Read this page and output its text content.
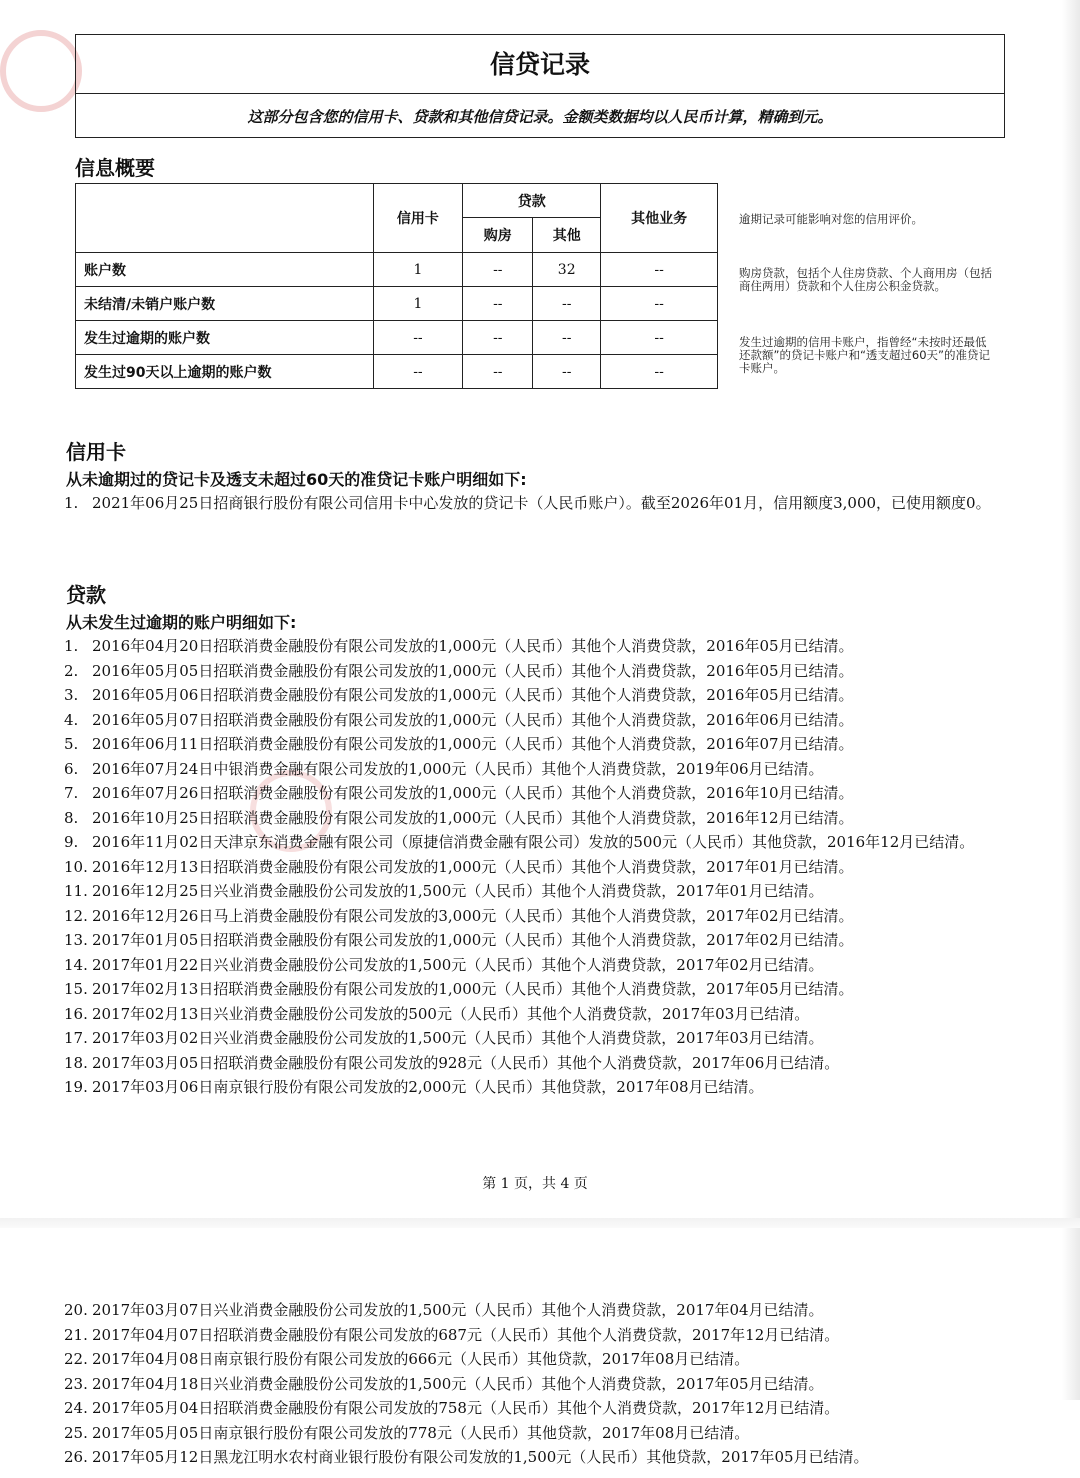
信贷记录
这部分包含您的信用卡、贷款和其他信贷记录。金额类数据均以人民币计算，精确到元。
信息概要
	信用卡	贷款		其他业务
		购房	其他	
账户数	1	--	32	--
未结清/未销户账户数	1	--	--	--
发生过逾期的账户数	--	--	--	--
发生过90天以上逾期的账户数	--	--	--	--
逾期记录可能影响对您的信用评价。
购房贷款，包括个人住房贷款、个人商用房（包括商住两用）贷款和个人住房公积金贷款。
发生过逾期的信用卡账户，指曾经“未按时还最低还款额”的贷记卡账户和“透支超过60天”的准贷记卡账户。
信用卡
从未逾期过的贷记卡及透支未超过60天的准贷记卡账户明细如下:
1. 2021年06月25日招商银行股份有限公司信用卡中心发放的贷记卡（人民币账户）。截至2026年01月，信用额度3,000，已使用额度0。
贷款
从未发生过逾期的账户明细如下:
1. 2016年04月20日招联消费金融股份有限公司发放的1,000元（人民币）其他个人消费贷款，2016年05月已结清。
2. 2016年05月05日招联消费金融股份有限公司发放的1,000元（人民币）其他个人消费贷款，2016年05月已结清。
3. 2016年05月06日招联消费金融股份有限公司发放的1,000元（人民币）其他个人消费贷款，2016年05月已结清。
4. 2016年05月07日招联消费金融股份有限公司发放的1,000元（人民币）其他个人消费贷款，2016年06月已结清。
5. 2016年06月11日招联消费金融股份有限公司发放的1,000元（人民币）其他个人消费贷款，2016年07月已结清。
6. 2016年07月24日中银消费金融有限公司发放的1,000元（人民币）其他个人消费贷款，2019年06月已结清。
7. 2016年07月26日招联消费金融股份有限公司发放的1,000元（人民币）其他个人消费贷款，2016年10月已结清。
8. 2016年10月25日招联消费金融股份有限公司发放的1,000元（人民币）其他个人消费贷款，2016年12月已结清。
9. 2016年11月02日天津京东消费金融有限公司（原捷信消费金融有限公司）发放的500元（人民币）其他贷款，2016年12月已结清。
10. 2016年12月13日招联消费金融股份有限公司发放的1,000元（人民币）其他个人消费贷款，2017年01月已结清。
11. 2016年12月25日兴业消费金融股份公司发放的1,500元（人民币）其他个人消费贷款，2017年01月已结清。
12. 2016年12月26日马上消费金融股份有限公司发放的3,000元（人民币）其他个人消费贷款，2017年02月已结清。
13. 2017年01月05日招联消费金融股份有限公司发放的1,000元（人民币）其他个人消费贷款，2017年02月已结清。
14. 2017年01月22日兴业消费金融股份公司发放的1,500元（人民币）其他个人消费贷款，2017年02月已结清。
15. 2017年02月13日招联消费金融股份有限公司发放的1,000元（人民币）其他个人消费贷款，2017年05月已结清。
16. 2017年02月13日兴业消费金融股份公司发放的500元（人民币）其他个人消费贷款，2017年03月已结清。
17. 2017年03月02日兴业消费金融股份公司发放的1,500元（人民币）其他个人消费贷款，2017年03月已结清。
18. 2017年03月05日招联消费金融股份有限公司发放的928元（人民币）其他个人消费贷款，2017年06月已结清。
19. 2017年03月06日南京银行股份有限公司发放的2,000元（人民币）其他贷款，2017年08月已结清。
第 1 页，共 4 页
20. 2017年03月07日兴业消费金融股份公司发放的1,500元（人民币）其他个人消费贷款，2017年04月已结清。
21. 2017年04月07日招联消费金融股份有限公司发放的687元（人民币）其他个人消费贷款，2017年12月已结清。
22. 2017年04月08日南京银行股份有限公司发放的666元（人民币）其他贷款，2017年08月已结清。
23. 2017年04月18日兴业消费金融股份公司发放的1,500元（人民币）其他个人消费贷款，2017年05月已结清。
24. 2017年05月04日招联消费金融股份有限公司发放的758元（人民币）其他个人消费贷款，2017年12月已结清。
25. 2017年05月05日南京银行股份有限公司发放的778元（人民币）其他贷款，2017年08月已结清。
26. 2017年05月12日黑龙江明水农村商业银行股份有限公司发放的1,500元（人民币）其他贷款，2017年05月已结清。
